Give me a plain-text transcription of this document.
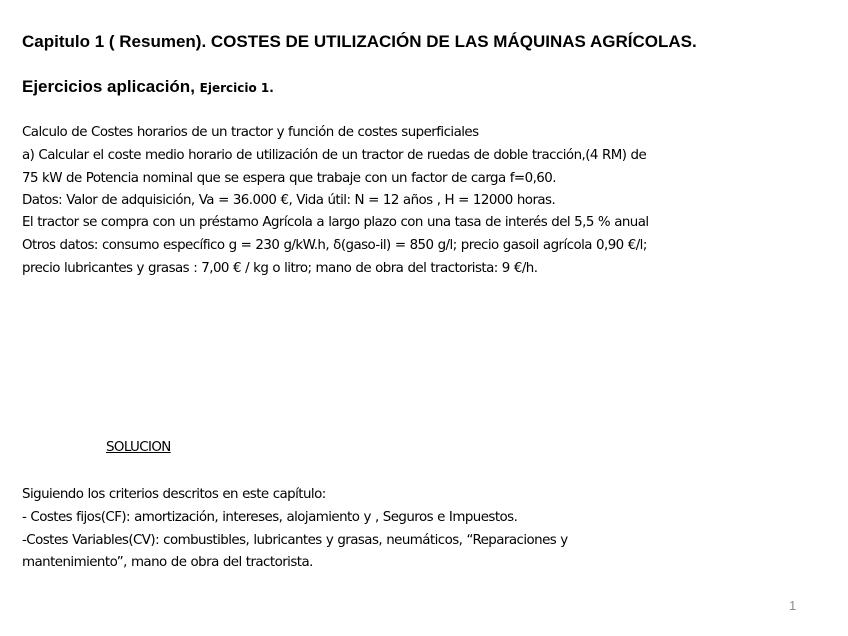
Capitulo 1 ( Resumen). COSTES DE UTILIZACIÓN DE LAS MÁQUINAS AGRÍCOLAS.
Ejercicios aplicación, Ejercicio 1.
Calculo de Costes horarios de un tractor y función de costes superficiales
a) Calcular el coste medio horario de utilización de un tractor de ruedas de doble tracción,(4 RM) de
75 kW de Potencia nominal que se espera que trabaje con un factor de carga f=0,60.
Datos: Valor de adquisición, Va = 36.000 €, Vida útil: N = 12 años , H = 12000 horas.
El tractor se compra con un préstamo Agrícola a largo plazo con una tasa de interés del 5,5 % anual
Otros datos: consumo específico g = 230 g/kW.h, δ(gaso-il) = 850 g/l; precio gasoil agrícola 0,90 €/l;
precio lubricantes y grasas : 7,00 € / kg o litro; mano de obra del tractorista: 9 €/h.
SOLUCION
Siguiendo los criterios descritos en este capítulo:
- Costes fijos(CF): amortización, intereses, alojamiento y , Seguros e Impuestos.
-Costes Variables(CV): combustibles, lubricantes y grasas, neumáticos, “Reparaciones y
mantenimiento”, mano de obra del tractorista.
1
